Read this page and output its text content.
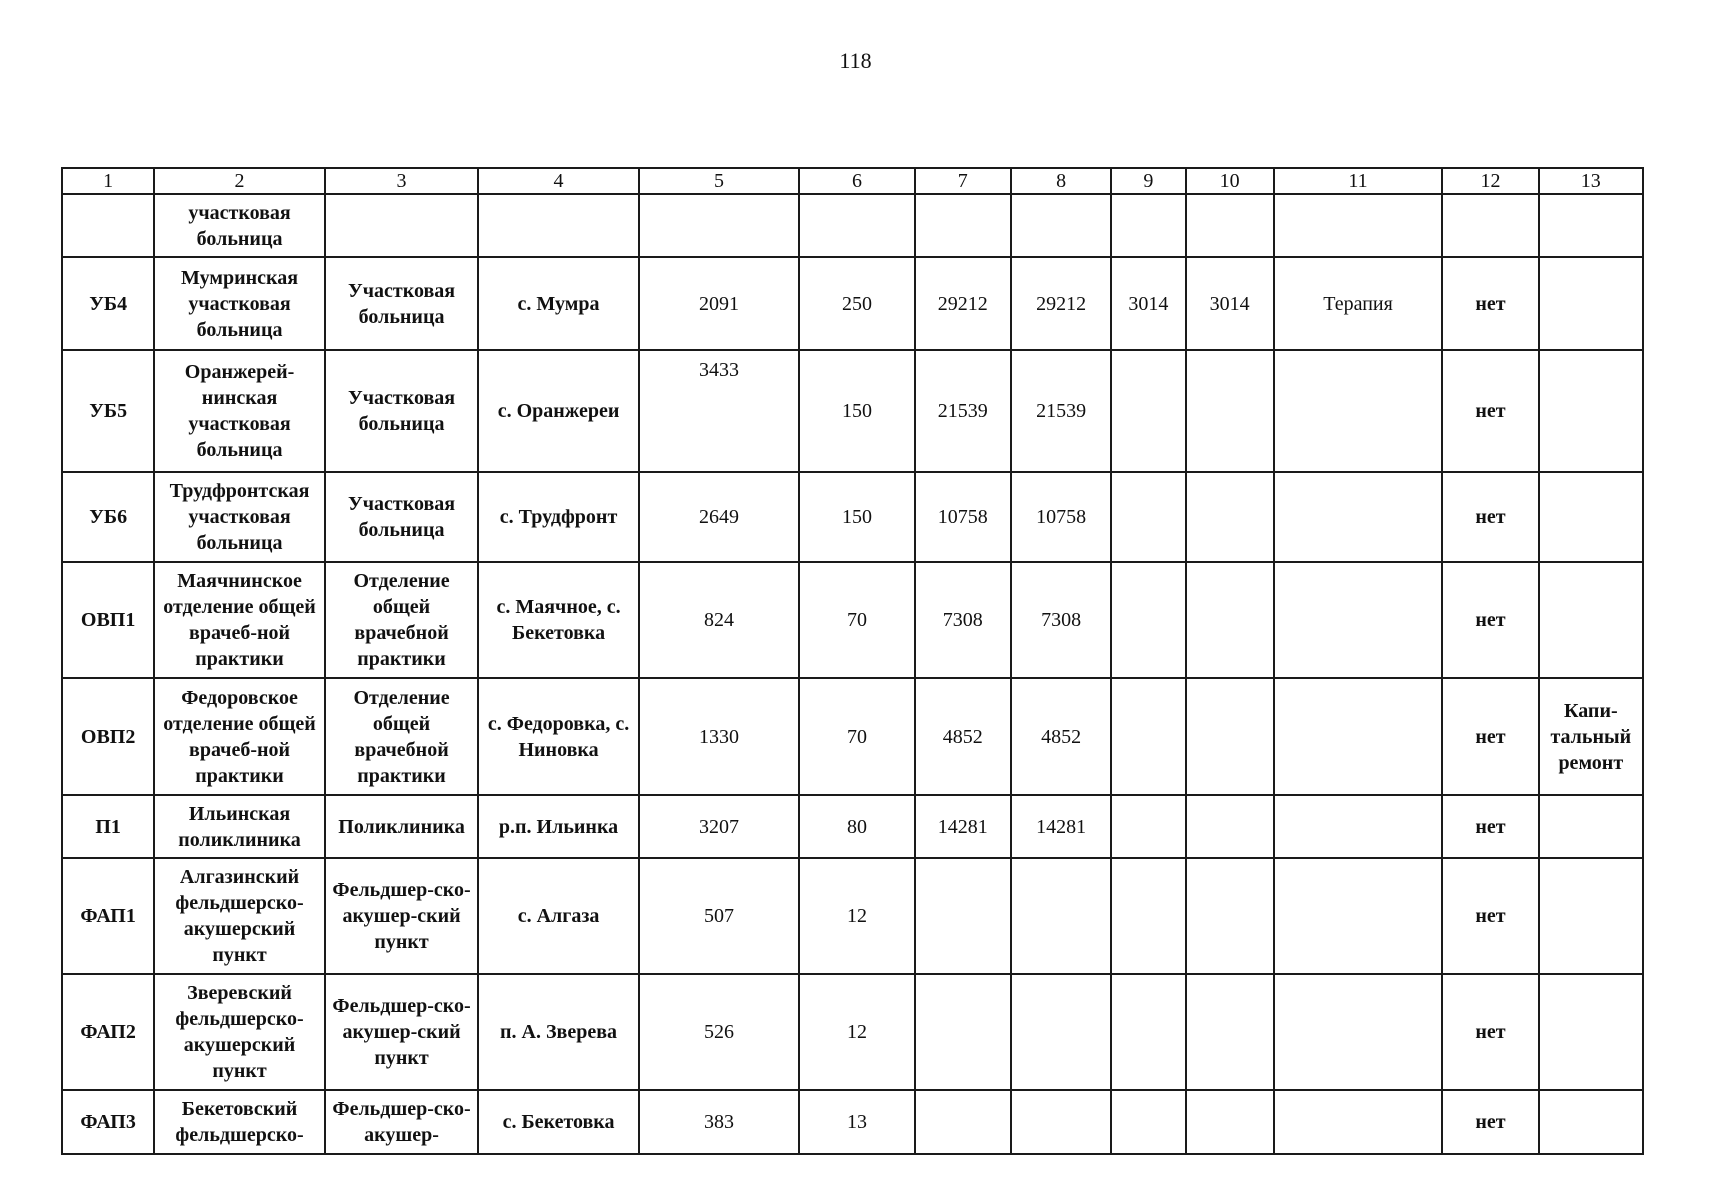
118
1	2	3	4	5	6	7	8	9	10	11	12	13
	участковая больница											
УБ4	Мумринская участковая больница	Участковая больница	с. Мумра	2091	250	29212	29212	3014	3014	Терапия	нет	
УБ5	Оранжерей-нинская участковая больница	Участковая больница	с. Оранжереи	3433	150	21539	21539				нет	
УБ6	Трудфронтская участковая больница	Участковая больница	с. Трудфронт	2649	150	10758	10758				нет	
ОВП1	Маячнинское отделение общей врачеб-ной практики	Отделение общей врачебной практики	с. Маячное, с. Бекетовка	824	70	7308	7308				нет	
ОВП2	Федоровское отделение общей врачеб-ной практики	Отделение общей врачебной практики	с. Федоровка, с. Ниновка	1330	70	4852	4852				нет	Капи-тальный ремонт
П1	Ильинская поликлиника	Поликлиника	р.п. Ильинка	3207	80	14281	14281				нет	
ФАП1	Алгазинский фельдшерско-акушерский пункт	Фельдшер-ско-акушер-ский пункт	с. Алгаза	507	12						нет	
ФАП2	Зверевский фельдшерско-акушерский пункт	Фельдшер-ско-акушер-ский пункт	п. А. Зверева	526	12						нет	
ФАП3	Бекетовский фельдшерско-	Фельдшер-ско-акушер-	с. Бекетовка	383	13						нет	
